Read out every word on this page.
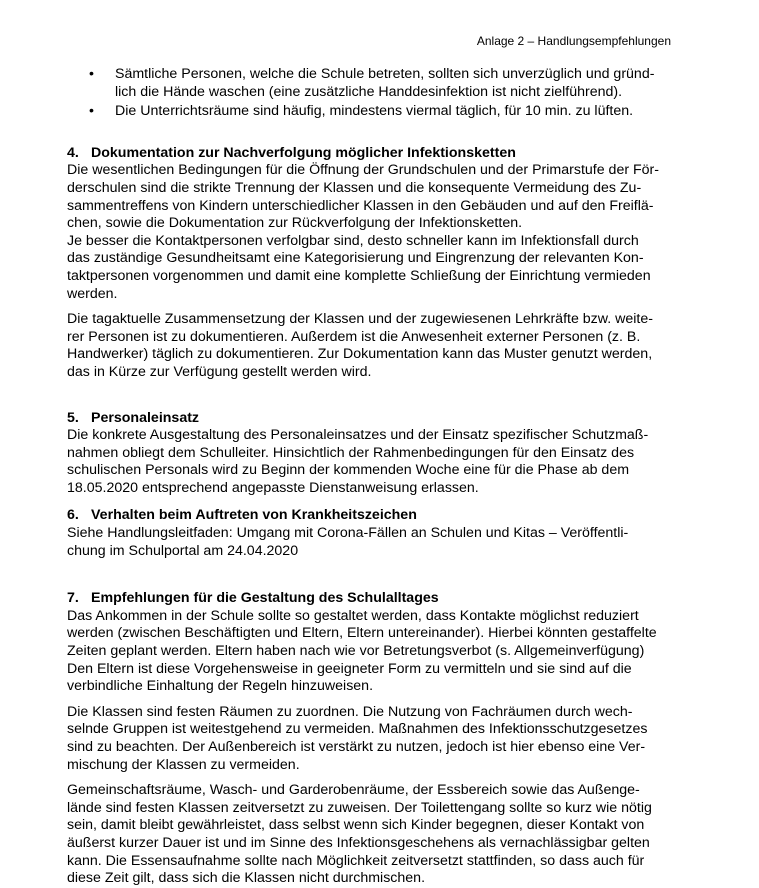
Anlage 2 – Handlungsempfehlungen
• Sämtliche Personen, welche die Schule betreten, sollten sich unverzüglich und gründ-
lich die Hände waschen (eine zusätzliche Handdesinfektion ist nicht zielführend).
• Die Unterrichtsräume sind häufig, mindestens viermal täglich, für 10 min. zu lüften.
4. Dokumentation zur Nachverfolgung möglicher Infektionsketten

Die wesentlichen Bedingungen für die Öffnung der Grundschulen und der Primarstufe der För-
derschulen sind die strikte Trennung der Klassen und die konsequente Vermeidung des Zu-
sammentreffens von Kindern unterschiedlicher Klassen in den Gebäuden und auf den Freiflä-
chen, sowie die Dokumentation zur Rückverfolgung der Infektionsketten.

Je besser die Kontaktpersonen verfolgbar sind, desto schneller kann im Infektionsfall durch
das zuständige Gesundheitsamt eine Kategorisierung und Eingrenzung der relevanten Kon-
taktpersonen vorgenommen und damit eine komplette Schließung der Einrichtung vermieden
werden.

Die tagaktuelle Zusammensetzung der Klassen und der zugewiesenen Lehrkräfte bzw. weite-
rer Personen ist zu dokumentieren. Außerdem ist die Anwesenheit externer Personen (z. B.
Handwerker) täglich zu dokumentieren. Zur Dokumentation kann das Muster genutzt werden,
das in Kürze zur Verfügung gestellt werden wird.

5. Personaleinsatz

Die konkrete Ausgestaltung des Personaleinsatzes und der Einsatz spezifischer Schutzmaß-
nahmen obliegt dem Schulleiter. Hinsichtlich der Rahmenbedingungen für den Einsatz des
schulischen Personals wird zu Beginn der kommenden Woche eine für die Phase ab dem
18.05.2020 entsprechend angepasste Dienstanweisung erlassen.

6. Verhalten beim Auftreten von Krankheitszeichen

Siehe Handlungsleitfaden: Umgang mit Corona-Fällen an Schulen und Kitas – Veröffentli-
chung im Schulportal am 24.04.2020

7. Empfehlungen für die Gestaltung des Schulalltages

Das Ankommen in der Schule sollte so gestaltet werden, dass Kontakte möglichst reduziert
werden (zwischen Beschäftigten und Eltern, Eltern untereinander). Hierbei könnten gestaffelte
Zeiten geplant werden. Eltern haben nach wie vor Betretungsverbot (s. Allgemeinverfügung)
Den Eltern ist diese Vorgehensweise in geeigneter Form zu vermitteln und sie sind auf die
verbindliche Einhaltung der Regeln hinzuweisen.

Die Klassen sind festen Räumen zu zuordnen. Die Nutzung von Fachräumen durch wech-
selnde Gruppen ist weitestgehend zu vermeiden. Maßnahmen des Infektionsschutzgesetzes
sind zu beachten. Der Außenbereich ist verstärkt zu nutzen, jedoch ist hier ebenso eine Ver-
mischung der Klassen zu vermeiden.

Gemeinschaftsräume, Wasch- und Garderobenräume, der Essbereich sowie das Außenge-
lände sind festen Klassen zeitversetzt zu zuweisen. Der Toilettengang sollte so kurz wie nötig
sein, damit bleibt gewährleistet, dass selbst wenn sich Kinder begegnen, dieser Kontakt von
äußerst kurzer Dauer ist und im Sinne des Infektionsgeschehens als vernachlässigbar gelten
kann. Die Essensaufnahme sollte nach Möglichkeit zeitversetzt stattfinden, so dass auch für
diese Zeit gilt, dass sich die Klassen nicht durchmischen.
